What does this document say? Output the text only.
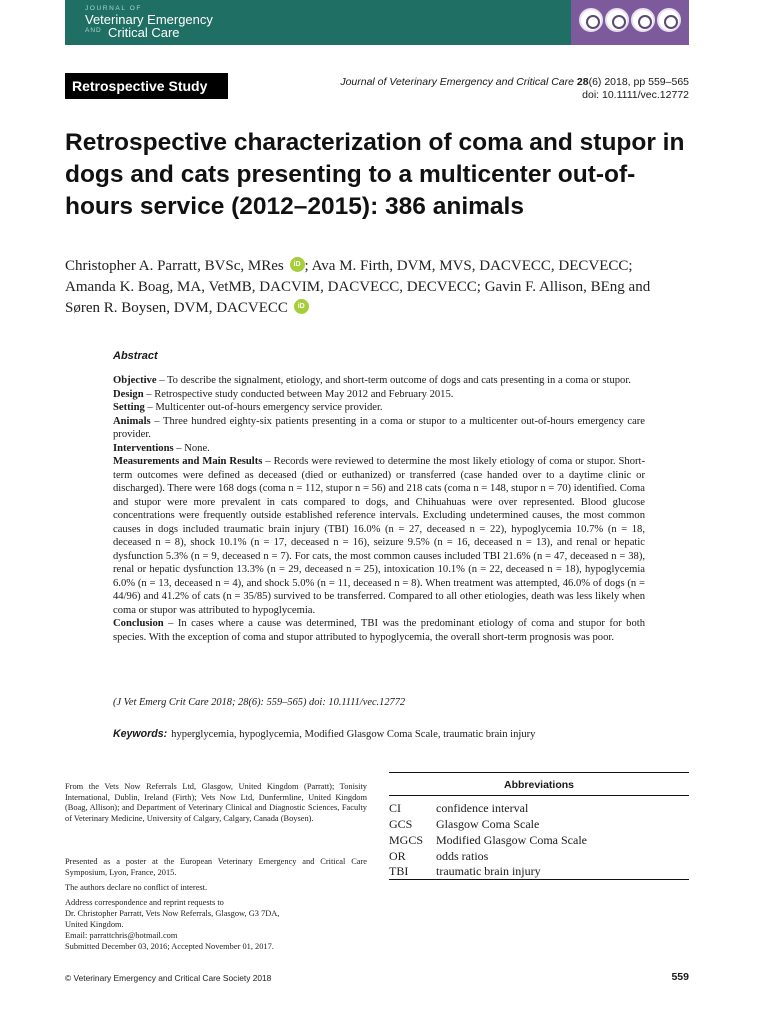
JOURNAL OF
Veterinary Emergency
AND Critical Care
Retrospective Study	Journal of Veterinary Emergency and Critical Care 28(6) 2018, pp 559–565
doi: 10.1111/vec.12772
Retrospective characterization of coma and stupor in dogs and cats presenting to a multicenter out-of-hours service (2012–2015): 386 animals
Christopher A. Parratt, BVSc, MRes iD ; Ava M. Firth, DVM, MVS, DACVECC, DECVECC; Amanda K. Boag, MA, VetMB, DACVIM, DACVECC, DECVECC; Gavin F. Allison, BEng and Søren R. Boysen, DVM, DACVECC iD
Abstract
Objective – To describe the signalment, etiology, and short-term outcome of dogs and cats presenting in a coma or stupor.
Design – Retrospective study conducted between May 2012 and February 2015.
Setting – Multicenter out-of-hours emergency service provider.
Animals – Three hundred eighty-six patients presenting in a coma or stupor to a multicenter out-of-hours emergency care provider.
Interventions – None.
Measurements and Main Results – Records were reviewed to determine the most likely etiology of coma or stupor. Short-term outcomes were defined as deceased (died or euthanized) or transferred (case handed over to a daytime clinic or discharged). There were 168 dogs (coma n = 112, stupor n = 56) and 218 cats (coma n = 148, stupor n = 70) identified. Coma and stupor were more prevalent in cats compared to dogs, and Chihuahuas were over represented. Blood glucose concentrations were frequently outside established reference intervals. Excluding undetermined causes, the most common causes in dogs included traumatic brain injury (TBI) 16.0% (n = 27, deceased n = 22), hypoglycemia 10.7% (n = 18, deceased n = 8), shock 10.1% (n = 17, deceased n = 16), seizure 9.5% (n = 16, deceased n = 13), and renal or hepatic dysfunction 5.3% (n = 9, deceased n = 7). For cats, the most common causes included TBI 21.6% (n = 47, deceased n = 38), renal or hepatic dysfunction 13.3% (n = 29, deceased n = 25), intoxication 10.1% (n = 22, deceased n = 18), hypoglycemia 6.0% (n = 13, deceased n = 4), and shock 5.0% (n = 11, deceased n = 8). When treatment was attempted, 46.0% of dogs (n = 44/96) and 41.2% of cats (n = 35/85) survived to be transferred. Compared to all other etiologies, death was less likely when coma or stupor was attributed to hypoglycemia.
Conclusion – In cases where a cause was determined, TBI was the predominant etiology of coma and stupor for both species. With the exception of coma and stupor attributed to hypoglycemia, the overall short-term prognosis was poor.
(J Vet Emerg Crit Care 2018; 28(6): 559–565) doi: 10.1111/vec.12772
Keywords: hyperglycemia, hypoglycemia, Modified Glasgow Coma Scale, traumatic brain injury
From the Vets Now Referrals Ltd, Glasgow, United Kingdom (Parratt); Tonisity International, Dublin, Ireland (Firth); Vets Now Ltd, Dunfermline, United Kingdom (Boag, Allison); and Department of Veterinary Clinical and Diagnostic Sciences, Faculty of Veterinary Medicine, University of Calgary, Calgary, Canada (Boysen).
Presented as a poster at the European Veterinary Emergency and Critical Care Symposium, Lyon, France, 2015.
The authors declare no conflict of interest.
Address correspondence and reprint requests to
Dr. Christopher Parratt, Vets Now Referrals, Glasgow, G3 7DA,
United Kingdom.
Email: parrattchris@hotmail.com
Submitted December 03, 2016; Accepted November 01, 2017.
Abbreviations
CI	confidence interval
GCS Glasgow Coma Scale
MGCS Modified Glasgow Coma Scale
OR	odds ratios
TBI traumatic brain injury
© Veterinary Emergency and Critical Care Society 2018	559
